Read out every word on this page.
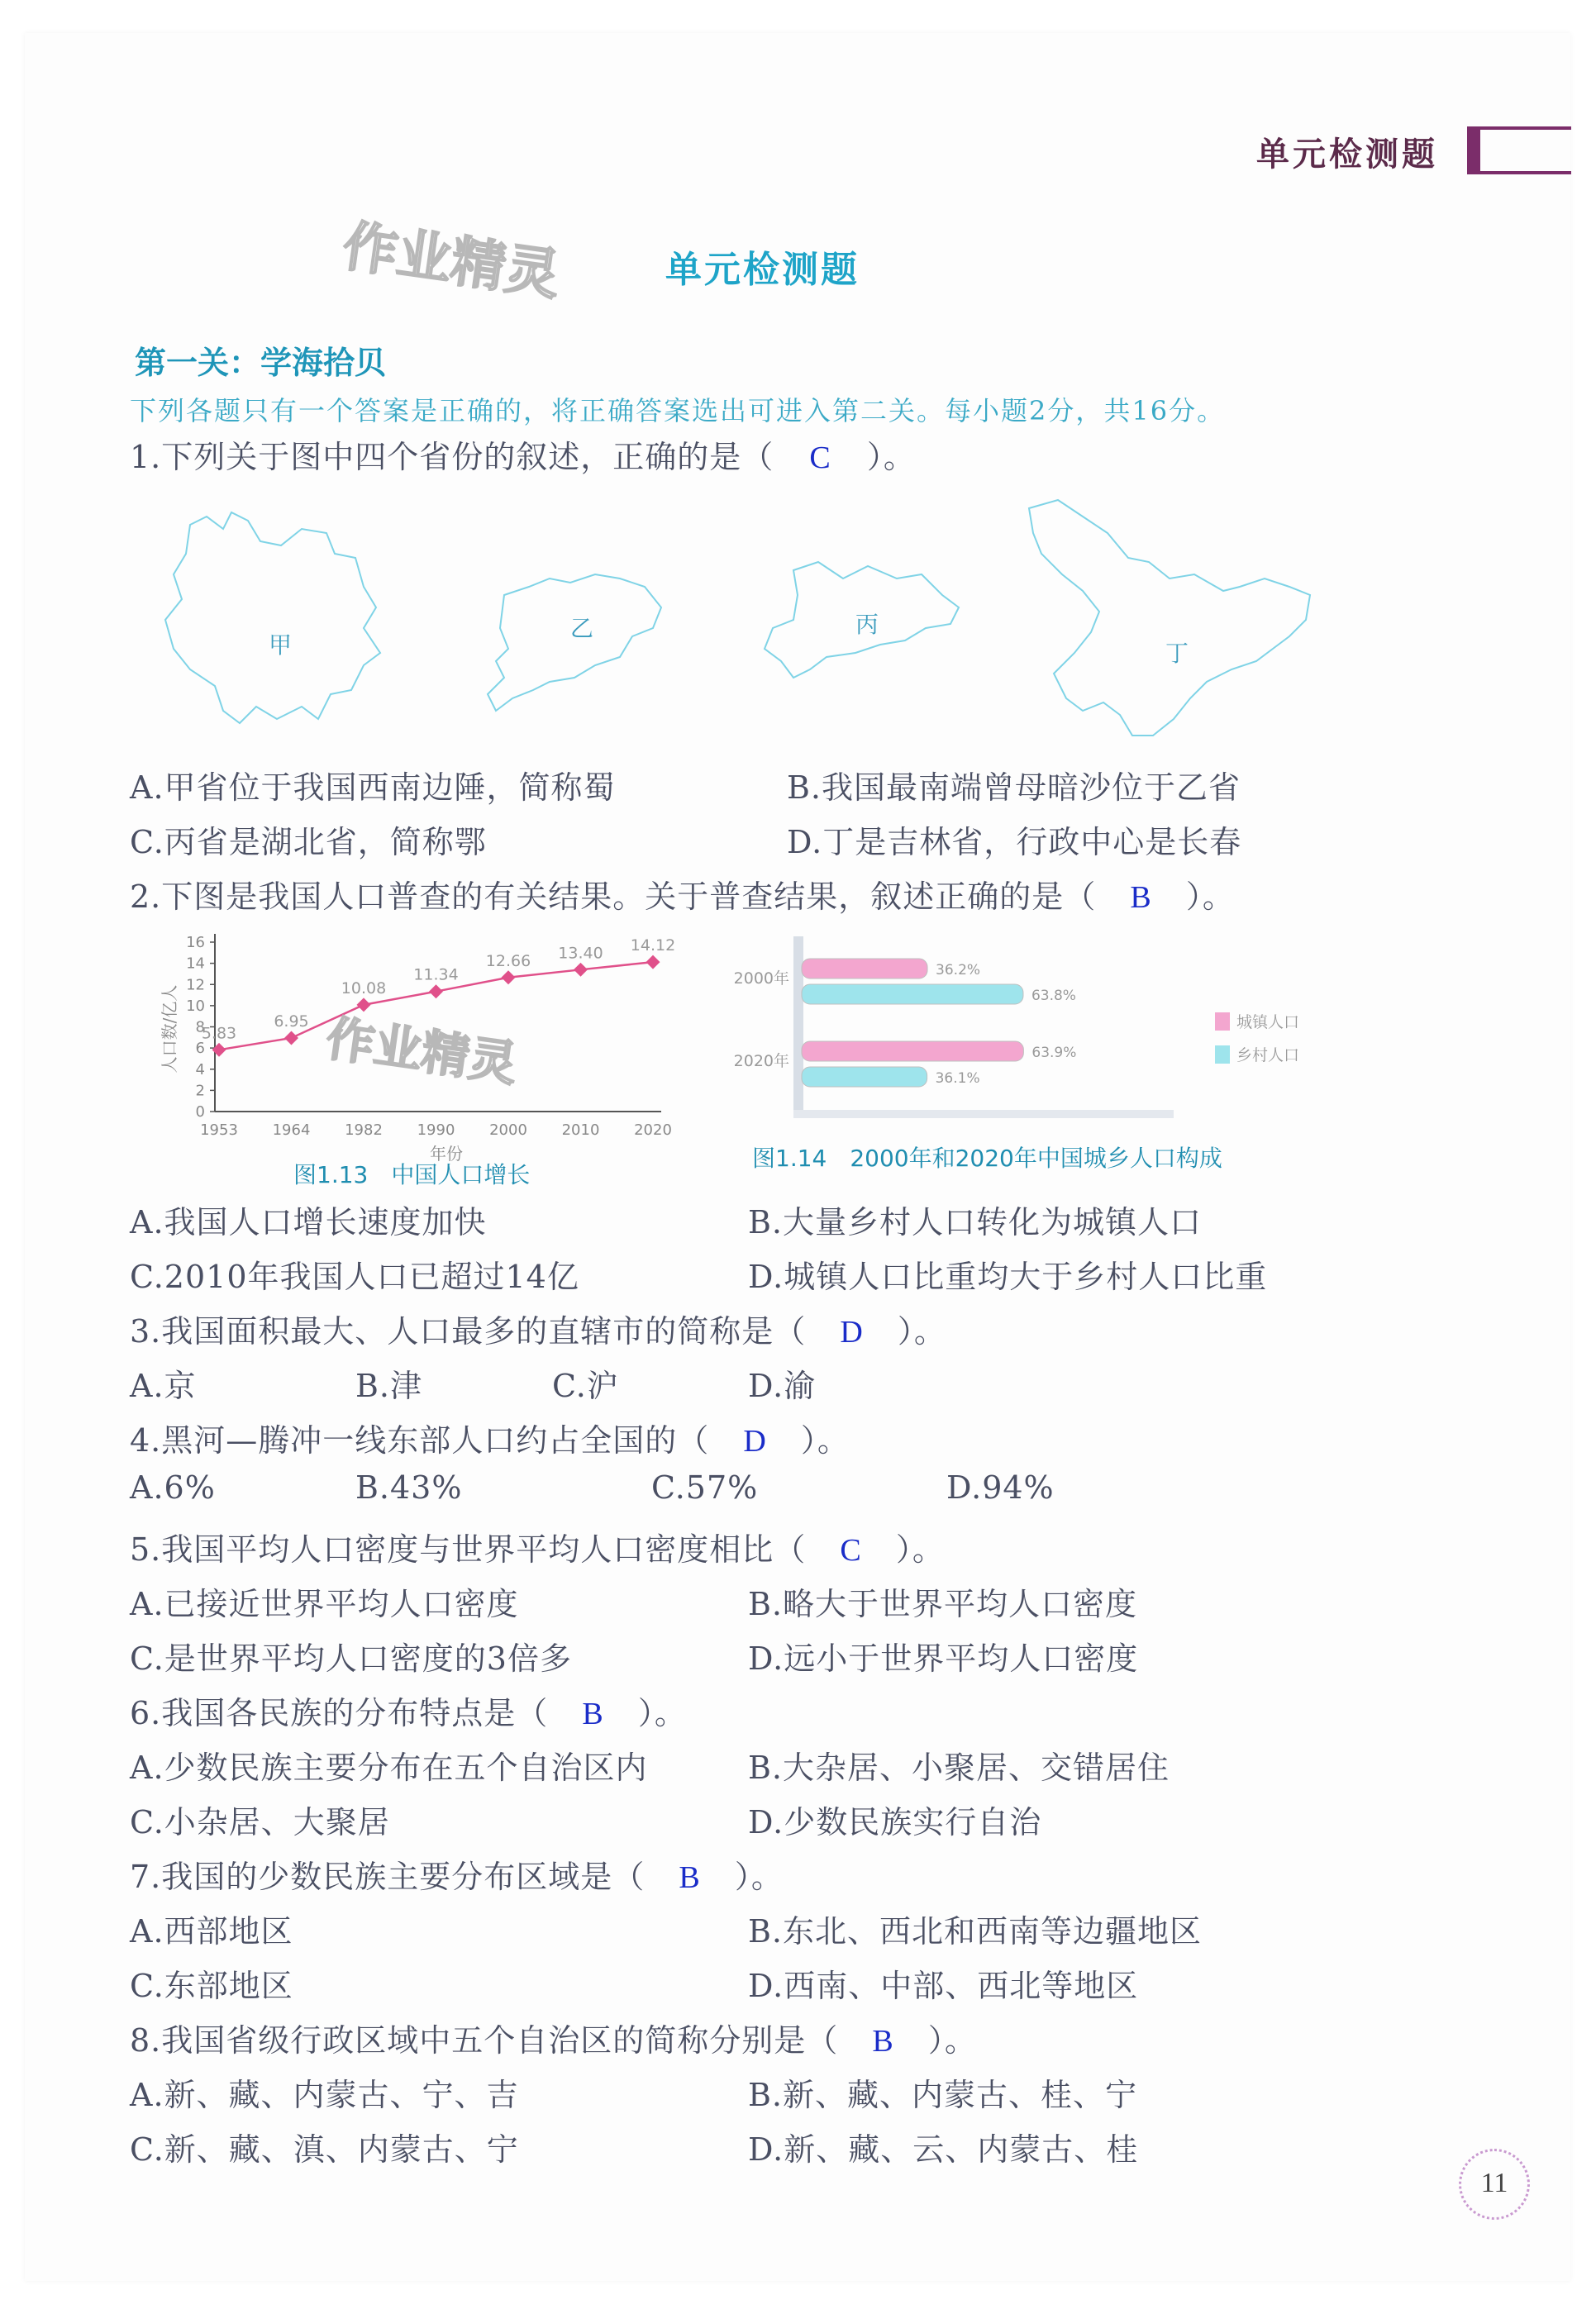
单元检测题
作业精灵	单元检测题
第一关：学海拾贝
下列各题只有一个答案是正确的，将正确答案选出可进入第二关。每小题2分，共16分。
1.下列关于图中四个省份的叙述，正确的是（ C ）。
甲
乙	丙
丁
A.甲省位于我国西南边陲，简称蜀	B.我国最南端曾母暗沙位于乙省
C.丙省是湖北省，简称鄂	D.丁是吉林省，行政中心是长春
2.下图是我国人口普查的有关结果。关于普查结果，叙述正确的是（ B ）。
0
2
4
6
8
10
12
14
16
人口数/亿人 5.83
1953
6.95
1964
10.08
1982
11.34
1990
12.66
2000
13.40
2010
14.12
2020
年份
图1.13　中国人口增长
作业精灵
2000年	36.2%
63.8%
2020年	63.9%
36.1%
城镇人口
乡村人口
图1.14　2000年和2020年中国城乡人口构成
A.我国人口增长速度加快	B.大量乡村人口转化为城镇人口
C.2010年我国人口已超过14亿	D.城镇人口比重均大于乡村人口比重
3.我国面积最大、人口最多的直辖市的简称是（ D ）。
A.京	B.津	C.沪	D.渝
4.黑河—腾冲一线东部人口约占全国的（ D ）。
A.6%	B.43%	C.57%	D.94%
5.我国平均人口密度与世界平均人口密度相比（ C ）。
A.已接近世界平均人口密度	B.略大于世界平均人口密度
C.是世界平均人口密度的3倍多	D.远小于世界平均人口密度
6.我国各民族的分布特点是（ B ）。
A.少数民族主要分布在五个自治区内	B.大杂居、小聚居、交错居住
C.小杂居、大聚居	D.少数民族实行自治
7.我国的少数民族主要分布区域是（ B ）。
A.西部地区	B.东北、西北和西南等边疆地区
C.东部地区	D.西南、中部、西北等地区
8.我国省级行政区域中五个自治区的简称分别是（ B ）。
A.新、藏、内蒙古、宁、吉	B.新、藏、内蒙古、桂、宁
C.新、藏、滇、内蒙古、宁	D.新、藏、云、内蒙古、桂
11
